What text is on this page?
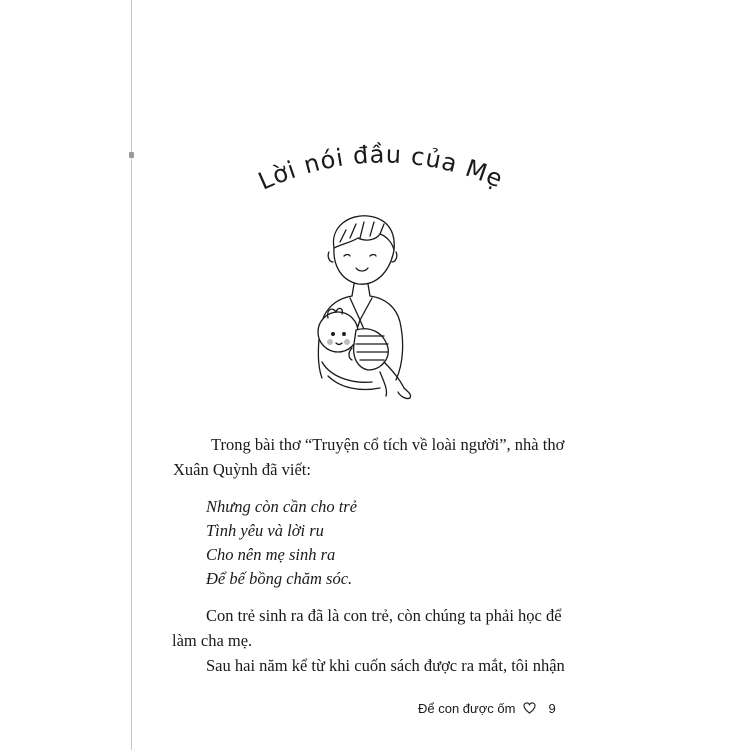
Lời nói đầu của Mẹ
Trong bài thơ “Truyện cổ tích về loài người”, nhà thơ
Xuân Quỳnh đã viết:
Nhưng còn cần cho trẻ
Tình yêu và lời ru
Cho nên mẹ sinh ra
Để bế bồng chăm sóc.
Con trẻ sinh ra đã là con trẻ, còn chúng ta phải học để
làm cha mẹ.
Sau hai năm kể từ khi cuốn sách được ra mắt, tôi nhận
Để con được ốm	9
